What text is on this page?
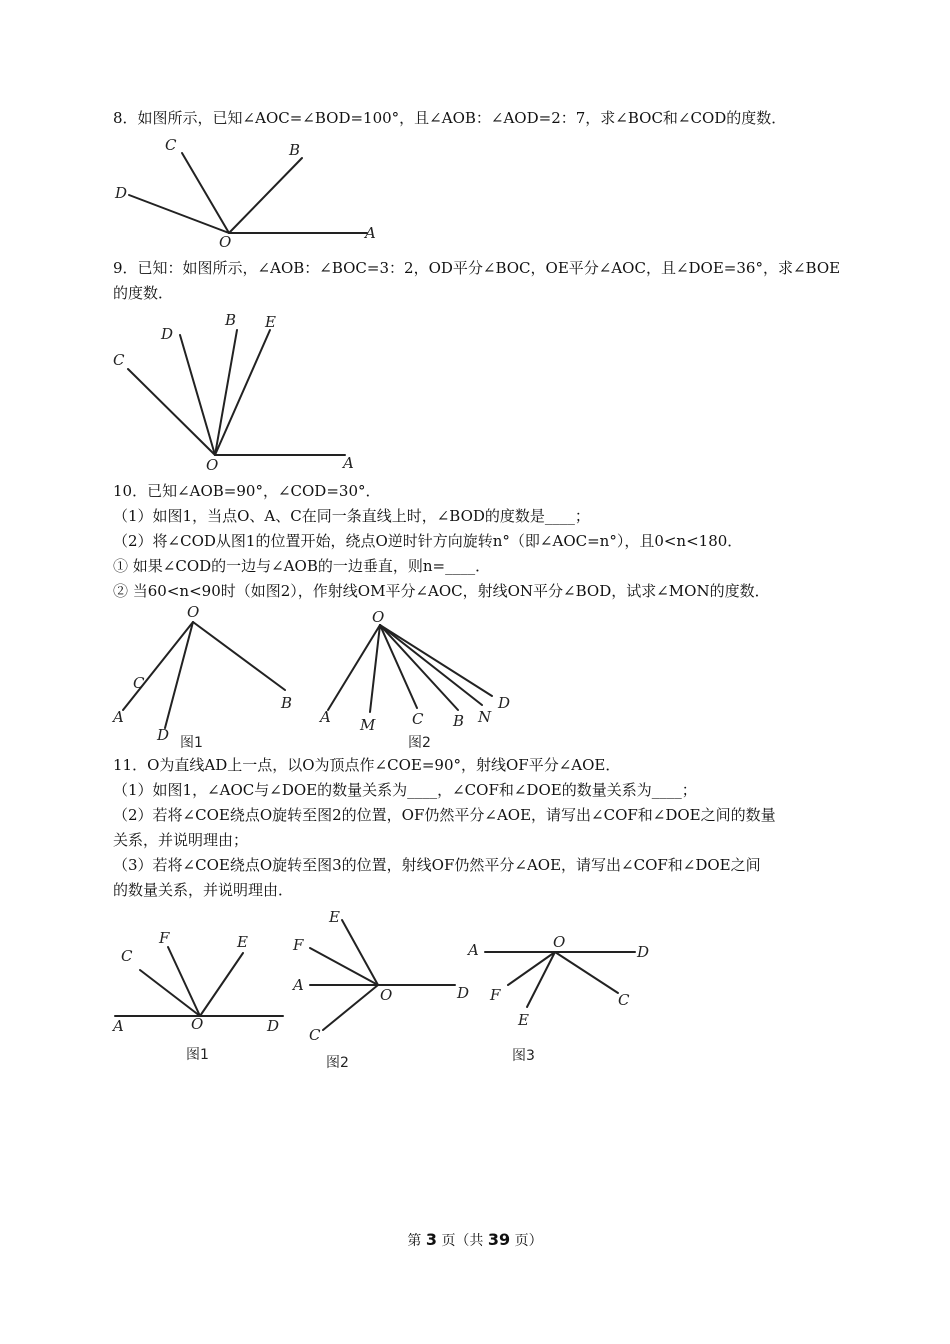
8．如图所示，已知∠AOC=∠BOD=100°，且∠AOB：∠AOD=2：7，求∠BOC和∠COD的度数．
C	B
D
O	A
9．已知：如图所示，∠AOB：∠BOC=3：2，OD平分∠BOC，OE平分∠AOC，且∠DOE=36°，求∠BOE
的度数．
C
D
B E
O	A
10．已知∠AOB=90°，∠COD=30°．
（1）如图1，当点O、A、C在同一条直线上时，∠BOD的度数是____；
（2）将∠COD从图1的位置开始，绕点O逆时针方向旋转n°（即∠AOC=n°），且0<n<180．
① 如果∠COD的一边与∠AOB的一边垂直，则n=____．
② 当60<n<90时（如图2），作射线OM平分∠AOC，射线ON平分∠BOD，试求∠MON的度数．
O
C
A
D
B
图1
O
A M C B N
D
图2
11．O为直线AD上一点，以O为顶点作∠COE=90°，射线OF平分∠AOE．
（1）如图1，∠AOC与∠DOE的数量关系为____，∠COF和∠DOE的数量关系为____；
（2）若将∠COE绕点O旋转至图2的位置，OF仍然平分∠AOE，请写出∠COF和∠DOE之间的数量
关系，并说明理由；
（3）若将∠COE绕点O旋转至图3的位置，射线OF仍然平分∠AOE，请写出∠COF和∠DOE之间
的数量关系，并说明理由．
C
F	E
A	O	D
图1
E
F
A
O	D
C
图2
A	O
D
F	C
E
图3
第 3 页（共 39 页）
